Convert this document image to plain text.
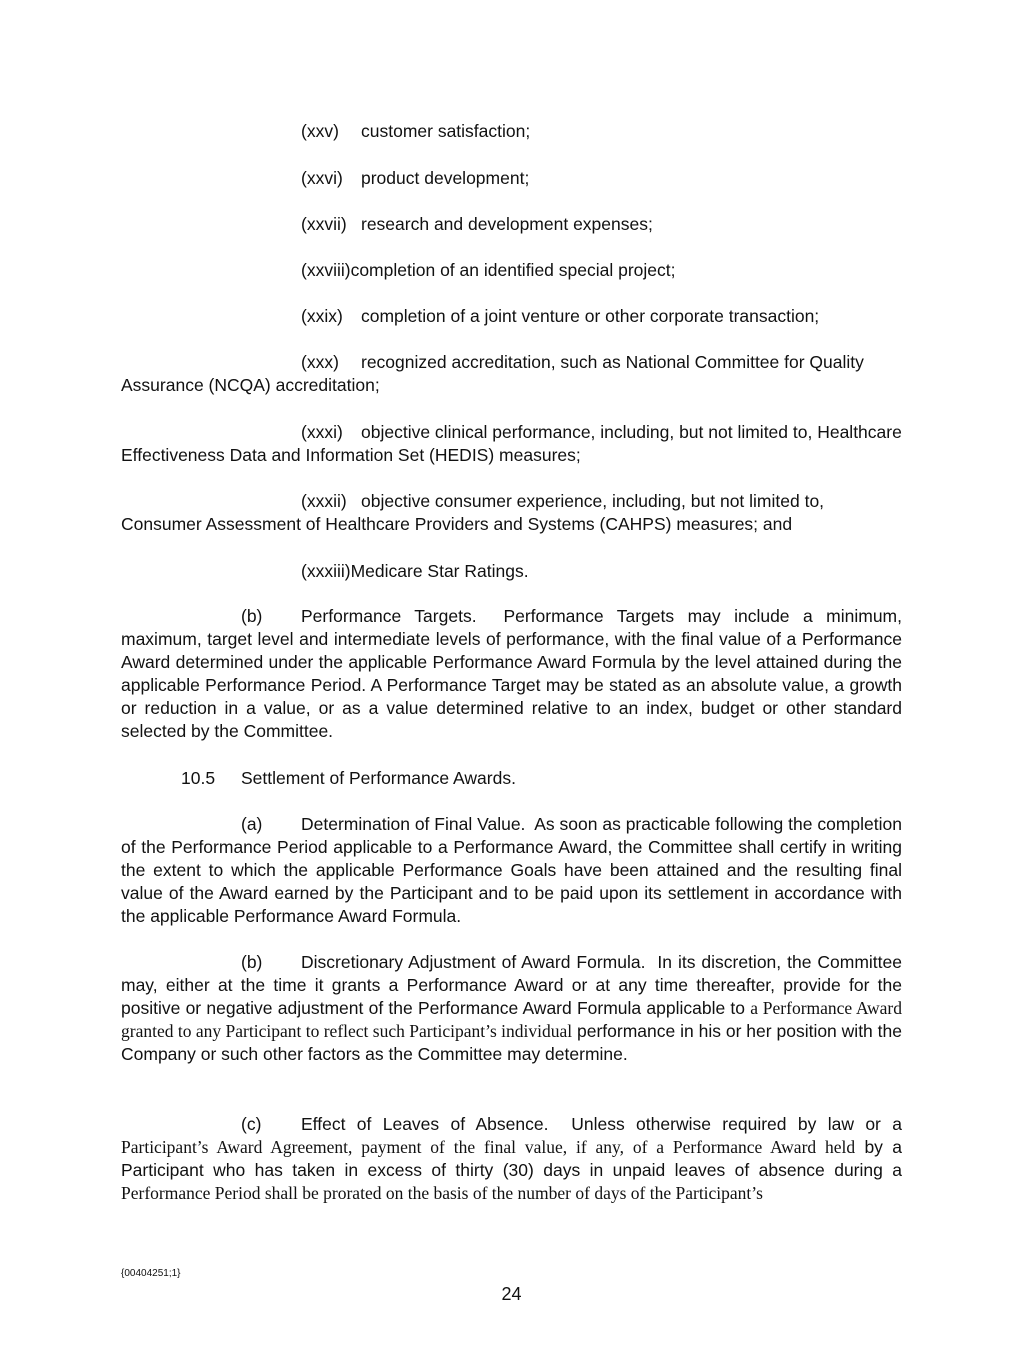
(xxv) customer satisfaction;
(xxvi) product development;
(xxvii) research and development expenses;
(xxviii)completion of an identified special project;
(xxix) completion of a joint venture or other corporate transaction;
(xxx) recognized accreditation, such as National Committee for Quality Assurance (NCQA) accreditation;
(xxxi) objective clinical performance, including, but not limited to, Healthcare Effectiveness Data and Information Set (HEDIS) measures;
(xxxii) objective consumer experience, including, but not limited to, Consumer Assessment of Healthcare Providers and Systems (CAHPS) measures; and
(xxxiii)Medicare Star Ratings.
(b) Performance Targets. Performance Targets may include a minimum, maximum, target level and intermediate levels of performance, with the final value of a Performance Award determined under the applicable Performance Award Formula by the level attained during the applicable Performance Period. A Performance Target may be stated as an absolute value, a growth or reduction in a value, or as a value determined relative to an index, budget or other standard selected by the Committee.
10.5 Settlement of Performance Awards.
(a) Determination of Final Value. As soon as practicable following the completion of the Performance Period applicable to a Performance Award, the Committee shall certify in writing the extent to which the applicable Performance Goals have been attained and the resulting final value of the Award earned by the Participant and to be paid upon its settlement in accordance with the applicable Performance Award Formula.
(b) Discretionary Adjustment of Award Formula. In its discretion, the Committee may, either at the time it grants a Performance Award or at any time thereafter, provide for the positive or negative adjustment of the Performance Award Formula applicable to a Performance Award granted to any Participant to reflect such Participant’s individual performance in his or her position with the Company or such other factors as the Committee may determine.
(c) Effect of Leaves of Absence. Unless otherwise required by law or a Participant’s Award Agreement, payment of the final value, if any, of a Performance Award held by a Participant who has taken in excess of thirty (30) days in unpaid leaves of absence during a Performance Period shall be prorated on the basis of the number of days of the Participant’s
{00404251;1}
24
